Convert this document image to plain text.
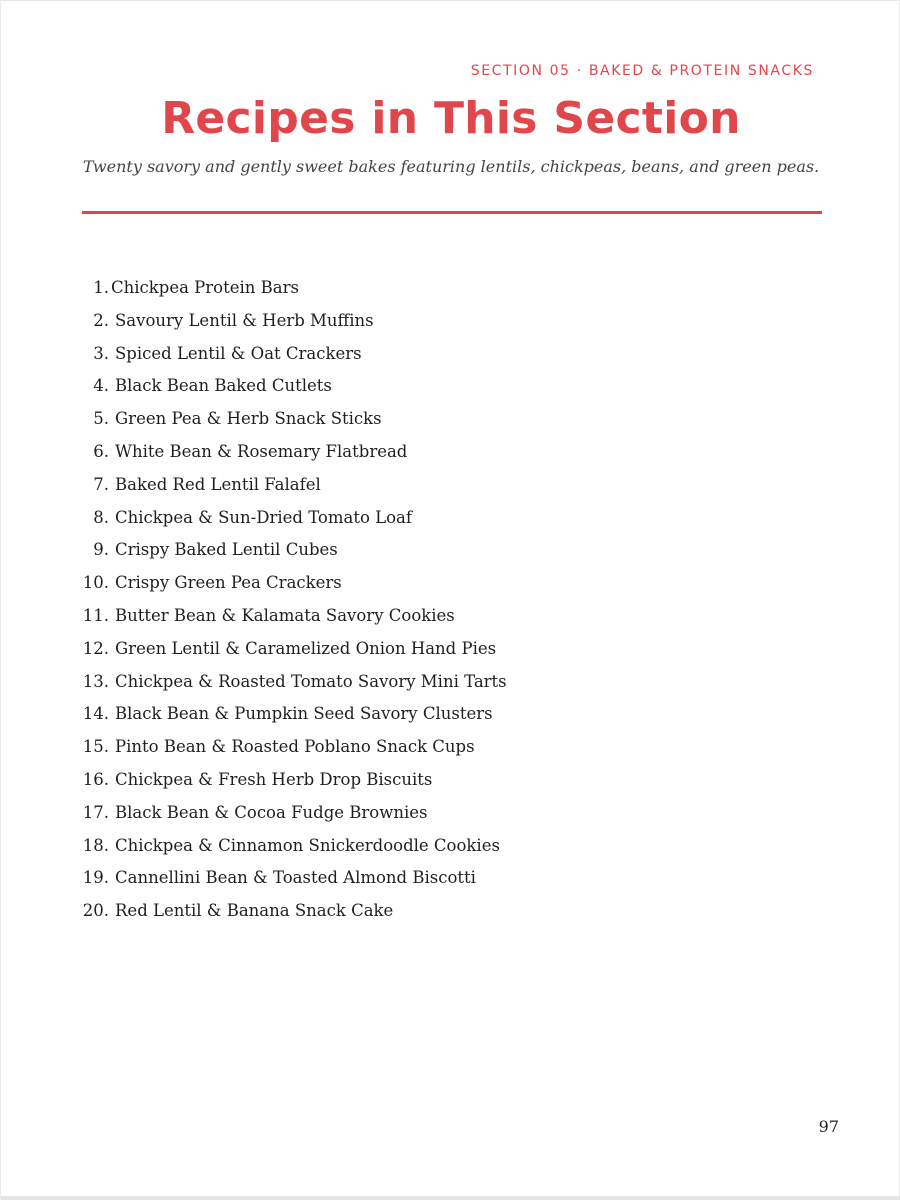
SECTION 05 · BAKED & PROTEIN SNACKS
Recipes in This Section
Twenty savory and gently sweet bakes featuring lentils, chickpeas, beans, and green peas.
1. Chickpea Protein Bars
2. Savoury Lentil & Herb Muffins
3. Spiced Lentil & Oat Crackers
4. Black Bean Baked Cutlets
5. Green Pea & Herb Snack Sticks
6. White Bean & Rosemary Flatbread
7. Baked Red Lentil Falafel
8. Chickpea & Sun-Dried Tomato Loaf
9. Crispy Baked Lentil Cubes
10. Crispy Green Pea Crackers
11. Butter Bean & Kalamata Savory Cookies
12. Green Lentil & Caramelized Onion Hand Pies
13. Chickpea & Roasted Tomato Savory Mini Tarts
14. Black Bean & Pumpkin Seed Savory Clusters
15. Pinto Bean & Roasted Poblano Snack Cups
16. Chickpea & Fresh Herb Drop Biscuits
17. Black Bean & Cocoa Fudge Brownies
18. Chickpea & Cinnamon Snickerdoodle Cookies
19. Cannellini Bean & Toasted Almond Biscotti
20. Red Lentil & Banana Snack Cake
97
